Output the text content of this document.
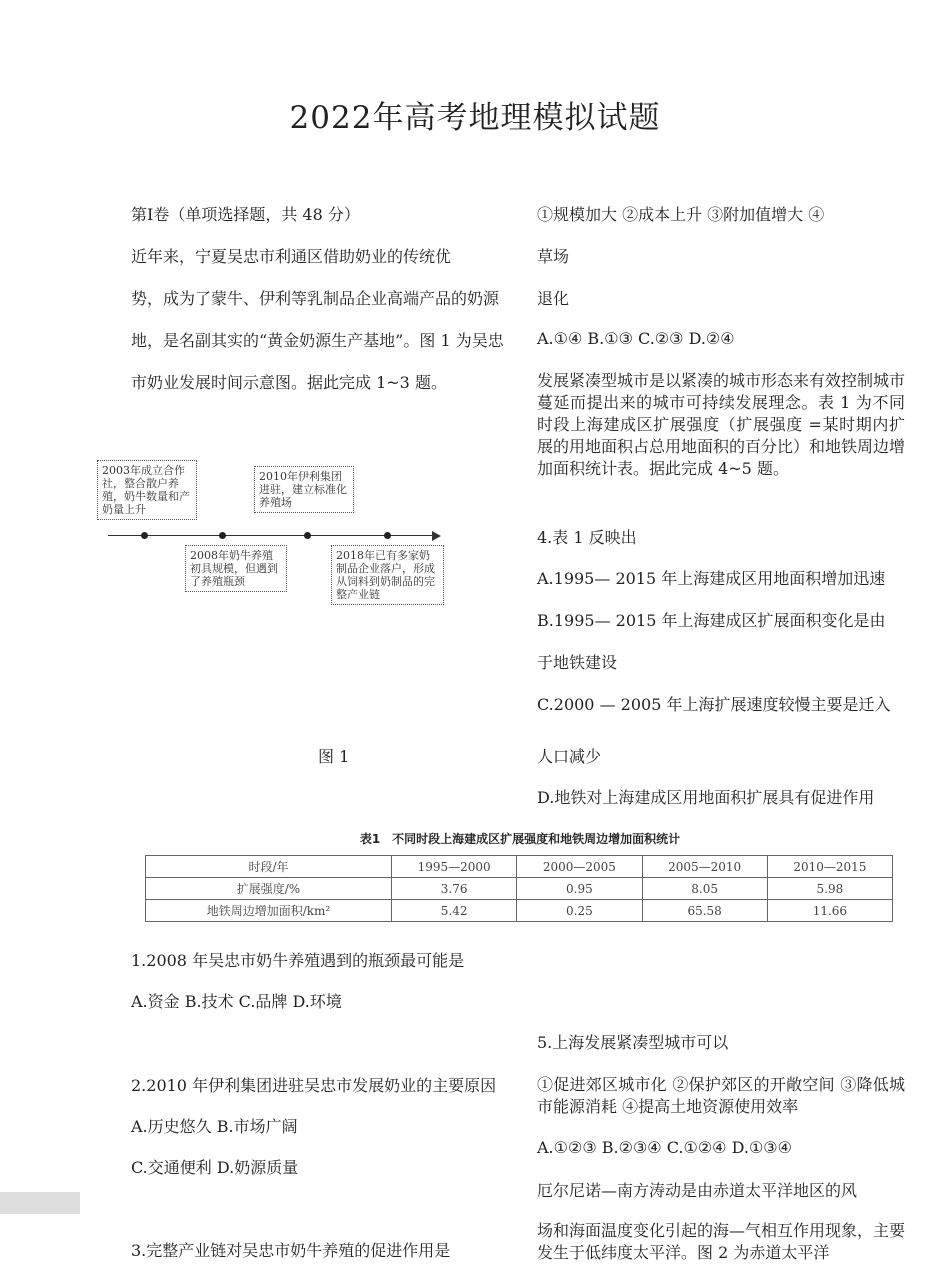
2022年高考地理模拟试题
第Ⅰ卷（单项选择题，共 48 分）
近年来，宁夏吴忠市利通区借助奶业的传统优
势，成为了蒙牛、伊利等乳制品企业高端产品的奶源
地，是名副其实的“黄金奶源生产基地”。图 1 为吴忠
市奶业发展时间示意图。据此完成 1~3 题。
2003年成立合作社，整合散户养殖，奶牛数量和产奶量上升
2010年伊利集团进驻，建立标准化养殖场
2008年奶牛养殖初具规模，但遇到了养殖瓶颈
2018年已有多家奶制品企业落户，形成从饲料到奶制品的完整产业链
图 1
表1　不同时段上海建成区扩展强度和地铁周边增加面积统计
时段/年	1995—2000	2000—2005	2005—2010	2010—2015
扩展强度/%	3.76	0.95	8.05	5.98
地铁周边增加面积/km²	5.42	0.25	65.58	11.66
1.2008 年吴忠市奶牛养殖遇到的瓶颈最可能是
A.资金 B.技术 C.品牌 D.环境
2.2010 年伊利集团进驻吴忠市发展奶业的主要原因
A.历史悠久 B.市场广阔
C.交通便利 D.奶源质量
3.完整产业链对吴忠市奶牛养殖的促进作用是
①规模加大 ②成本上升 ③附加值增大 ④
草场
退化
A.①④ B.①③ C.②③ D.②④
发展紧凑型城市是以紧凑的城市形态来有效控制城市蔓延而提出来的城市可持续发展理念。表 1 为不同时段上海建成区扩展强度（扩展强度 =某时期内扩展的用地面积占总用地面积的百分比）和地铁周边增加面积统计表。据此完成 4~5 题。
4.表 1 反映出
A.1995— 2015 年上海建成区用地面积增加迅速
B.1995— 2015 年上海建成区扩展面积变化是由
于地铁建设
C.2000 — 2005 年上海扩展速度较慢主要是迁入
人口减少
D.地铁对上海建成区用地面积扩展具有促进作用
5.上海发展紧凑型城市可以
①促进郊区城市化 ②保护郊区的开敞空间 ③降低城市能源消耗 ④提高土地资源使用效率
A.①②③ B.②③④ C.①②④ D.①③④
厄尔尼诺—南方涛动是由赤道太平洋地区的风
场和海面温度变化引起的海—气相互作用现象，主要发生于低纬度太平洋。图 2 为赤道太平洋
